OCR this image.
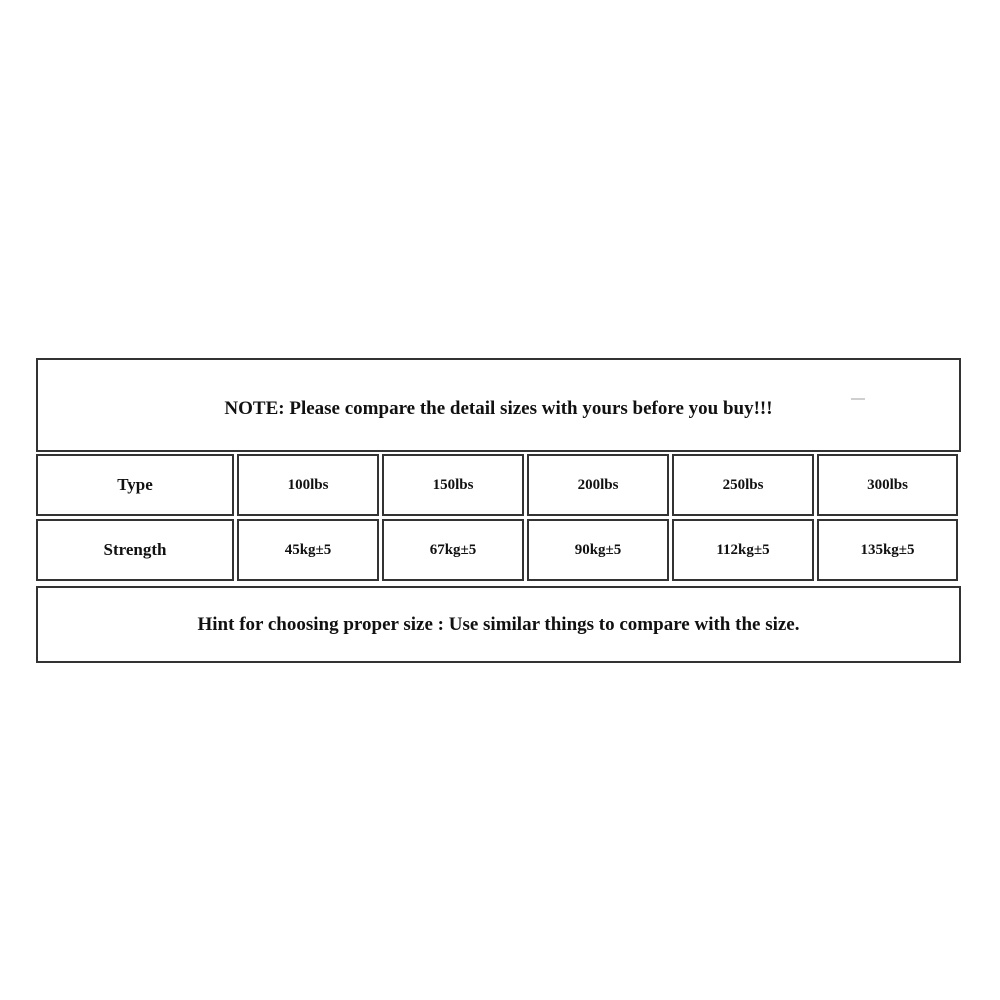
NOTE: Please compare the detail sizes with yours before you buy!!!
Type	100lbs	150lbs	200lbs	250lbs	300lbs
Strength	45kg±5	67kg±5	90kg±5	112kg±5	135kg±5
Hint for choosing proper size : Use similar things to compare with the size.
